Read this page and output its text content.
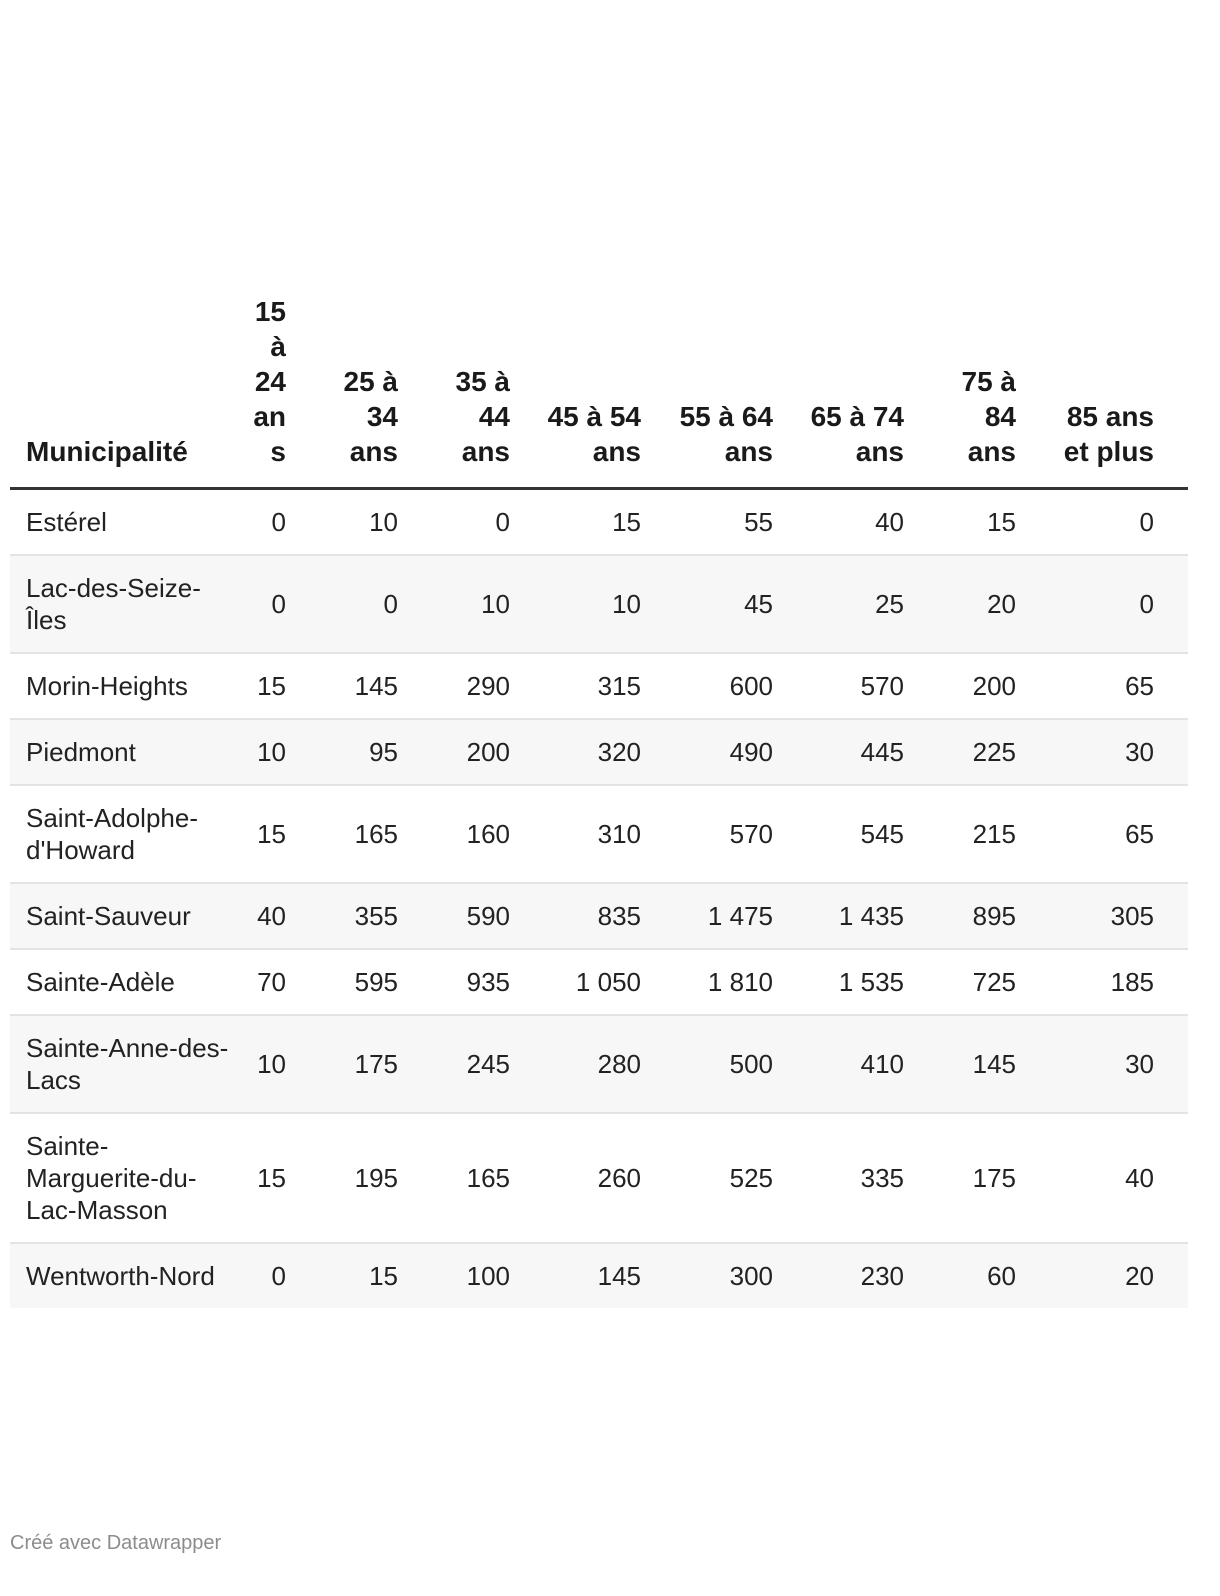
Municipalité	15 à 24 ans	25 à 34 ans	35 à 44 ans	45 à 54 ans	55 à 64 ans	65 à 74 ans	75 à 84 ans	85 ans et plus
Estérel	0	10	0	15	55	40	15	0
Lac-des-Seize-Îles	0	0	10	10	45	25	20	0
Morin-Heights	15	145	290	315	600	570	200	65
Piedmont	10	95	200	320	490	445	225	30
Saint-Adolphe-d'Howard	15	165	160	310	570	545	215	65
Saint-Sauveur	40	355	590	835	1 475	1 435	895	305
Sainte-Adèle	70	595	935	1 050	1 810	1 535	725	185
Sainte-Anne-des-Lacs	10	175	245	280	500	410	145	30
Sainte-Marguerite-du-Lac-Masson	15	195	165	260	525	335	175	40
Wentworth-Nord	0	15	100	145	300	230	60	20
Créé avec Datawrapper
